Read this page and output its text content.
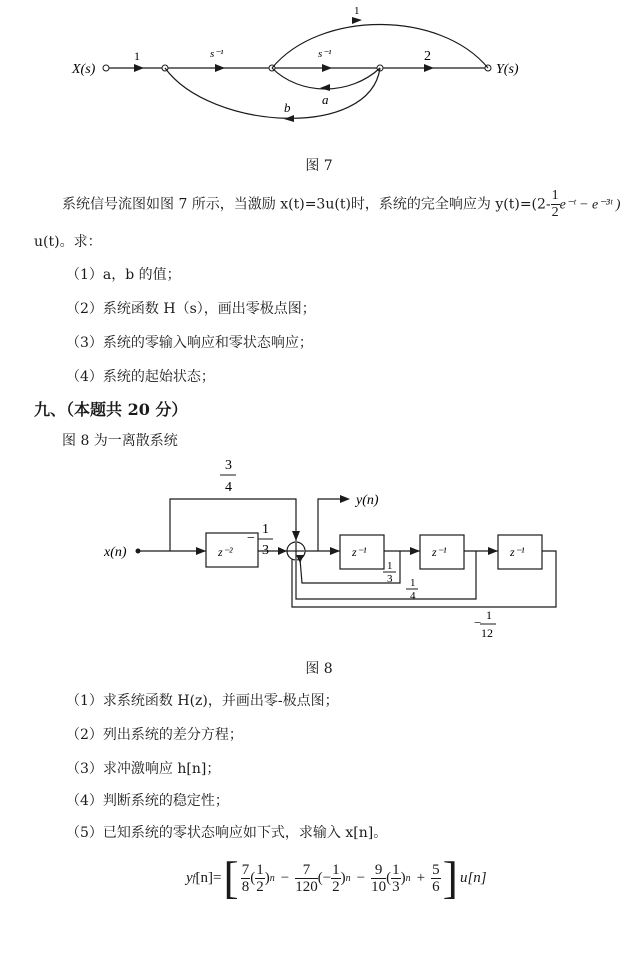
X(s)	Y(s)
1	s⁻¹	s⁻¹	2
1
a
b
图 7
系统信号流图如图 7 所示，当激励 x(t)=3u(t)时，系统的完全响应为 $y(t)=(2- \frac{1}{2}$ e⁻ᵗ − e⁻³ᵗ )
u(t)。求：
（1）a，b 的值；
（2）系统函数 H（s），画出零极点图；
（3）系统的零输入响应和零状态响应；
（4）系统的起始状态；
九、（本题共 20 分）
图 8 为一离散系统
x(n)
y(n)
z⁻²	z⁻¹	z⁻¹	z⁻¹
3
4
−
1
3
1
3 1
4
− 1
12
图 8
（1）求系统函数 H(z)，并画出零-极点图；
（2）列出系统的差分方程；
（3）求冲激响应 h[n]；
（4）判断系统的稳定性；
（5）已知系统的零状态响应如下式，求输入 x[n]。
y f [n]= [ $\frac{7}{8}$ ( $\frac{1}{2}$ ) $n - \frac{7}{120}$ (− $\frac{1}{2}$ ) $n - \frac{9}{10}$ ( $\frac{1}{3}$ ) $n + \frac{5}{6}$ ] u[n]
